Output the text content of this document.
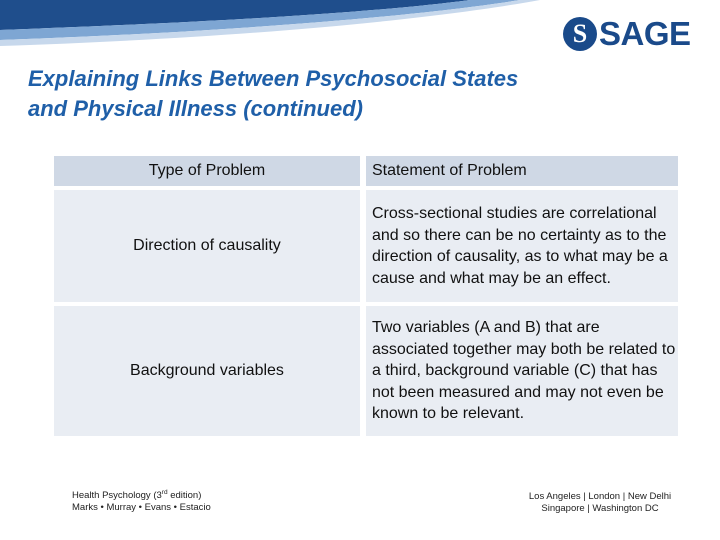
S SAGE
Explaining Links Between Psychosocial States
and Physical Illness (continued)
Type of Problem	Statement of Problem
Direction of causality	Cross-sectional studies are correlational and so there can be no certainty as to the direction of causality, as to what may be a cause and what may be an effect.
Background variables	Two variables (A and B) that are associated together may both be related to a third, background variable (C) that has not been measured and may not even be known to be relevant.
Health Psychology (3rd edition)
Marks • Murray • Evans • Estacio
Los Angeles | London | New Delhi
Singapore | Washington DC
